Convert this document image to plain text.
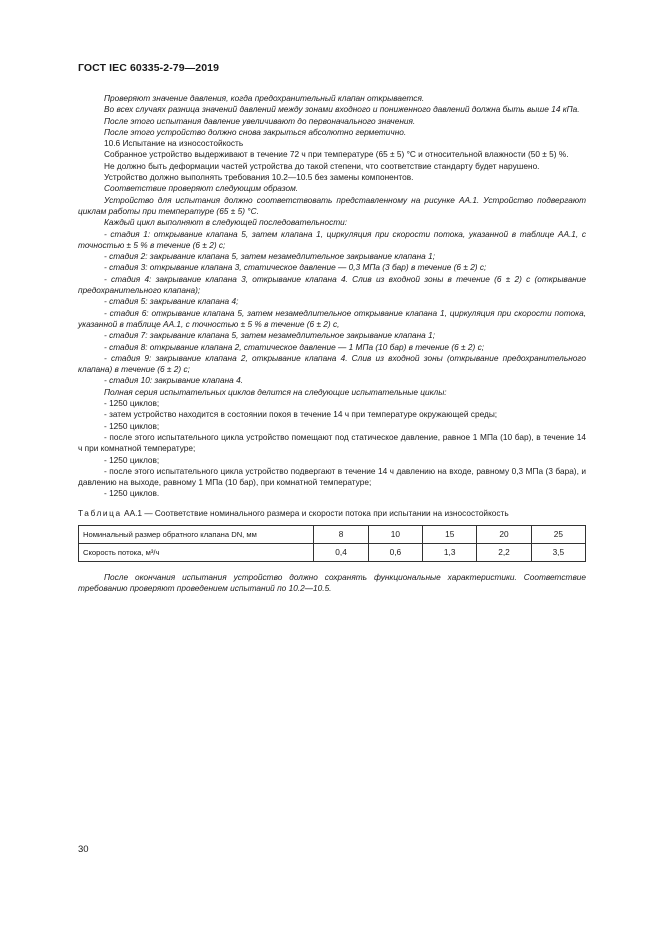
ГОСТ IEC 60335-2-79—2019

Проверяют значение давления, когда предохранительный клапан открывается.

Во всех случаях разница значений давлений между зонами входного и пониженного давлений должна быть выше 14 кПа.

После этого испытания давление увеличивают до первоначального значения.

После этого устройство должно снова закрыться абсолютно герметично.

10.6 Испытание на износостойкость

Собранное устройство выдерживают в течение 72 ч при температуре (65 ± 5) °С и относительной влажности (50 ± 5) %.

Не должно быть деформации частей устройства до такой степени, что соответствие стандарту будет нарушено.

Устройство должно выполнять требования 10.2—10.5 без замены компонентов.

Соответствие проверяют следующим образом.

Устройство для испытания должно соответствовать представленному на рисунке АА.1. Устройство подвергают циклам работы при температуре (65 ± 5) °С.

Каждый цикл выполняют в следующей последовательности:

- стадия 1: открывание клапана 5, затем клапана 1, циркуляция при скорости потока, указанной в таблице АА.1, с точностью ± 5 % в течение (6 ± 2) с;

- стадия 2: закрывание клапана 5, затем незамедлительное закрывание клапана 1;

- стадия 3: открывание клапана 3, статическое давление — 0,3 МПа (3 бар) в течение (6 ± 2) с;

- стадия 4: закрывание клапана 3, открывание клапана 4. Слив из входной зоны в течение (6 ± 2) с (открывание предохранительного клапана);

- стадия 5: закрывание клапана 4;

- стадия 6: открывание клапана 5, затем незамедлительное открывание клапана 1, циркуляция при скорости потока, указанной в таблице АА.1, с точностью ± 5 % в течение (6 ± 2) с,

- стадия 7: закрывание клапана 5, затем незамедлительное закрывание клапана 1;

- стадия 8: открывание клапана 2, статическое давление — 1 МПа (10 бар) в течение (6 ± 2) с;

- стадия 9: закрывание клапана 2, открывание клапана 4. Слив из входной зоны (открывание предохранительного клапана) в течение (6 ± 2) с;

- стадия 10: закрывание клапана 4.

Полная серия испытательных циклов делится на следующие испытательные циклы:

- 1250 циклов;

- затем устройство находится в состоянии покоя в течение 14 ч при температуре окружающей среды;

- 1250 циклов;

- после этого испытательного цикла устройство помещают под статическое давление, равное 1 МПа (10 бар), в течение 14 ч при комнатной температуре;

- 1250 циклов;

- после этого испытательного цикла устройство подвергают в течение 14 ч давлению на входе, равному 0,3 МПа (3 бара), и давлению на выходе, равному 1 МПа (10 бар), при комнатной температуре;

- 1250 циклов.

Таблица АА.1 — Соответствие номинального размера и скорости потока при испытании на износостойкость

Номинальный размер обратного клапана DN, мм	8	10	15	20	25
Скорость потока, м³/ч	0,4	0,6	1,3	2,2	3,5

После окончания испытания устройство должно сохранять функциональные характеристики. Соответствие требованию проверяют проведением испытаний по 10.2—10.5.

30
